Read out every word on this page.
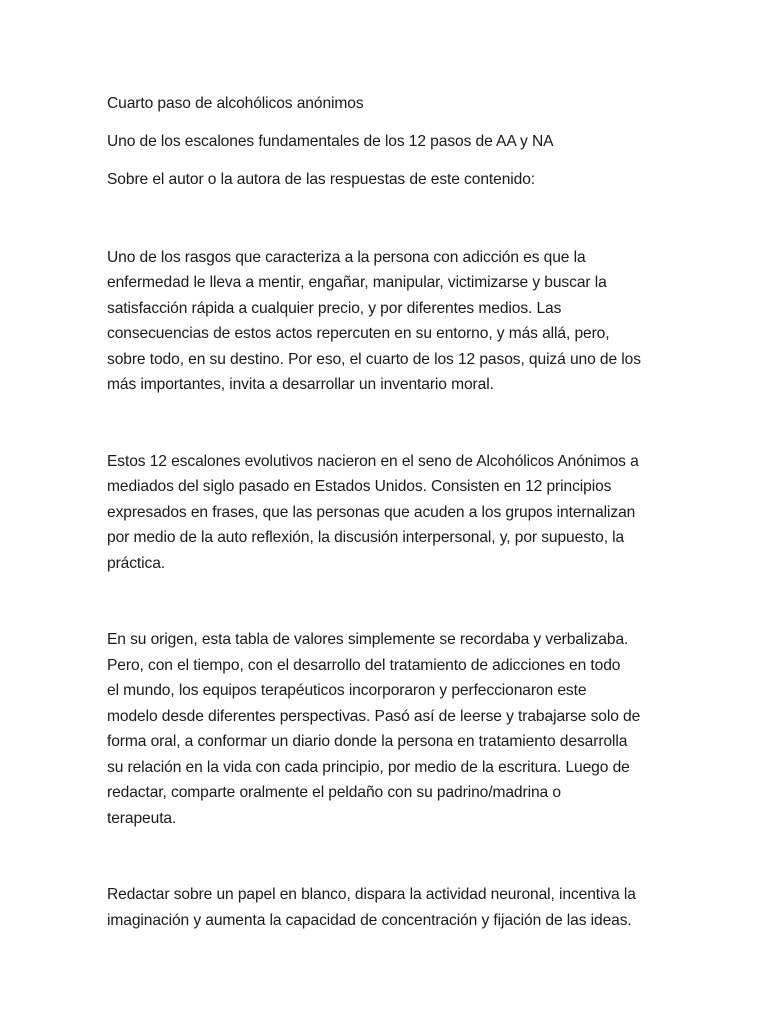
Cuarto paso de alcohólicos anónimos
Uno de los escalones fundamentales de los 12 pasos de AA y NA
Sobre el autor o la autora de las respuestas de este contenido:
Uno de los rasgos que caracteriza a la persona con adicción es que la
enfermedad le lleva a mentir, engañar, manipular, victimizarse y buscar la
satisfacción rápida a cualquier precio, y por diferentes medios. Las
consecuencias de estos actos repercuten en su entorno, y más allá, pero,
sobre todo, en su destino. Por eso, el cuarto de los 12 pasos, quizá uno de los
más importantes, invita a desarrollar un inventario moral.
Estos 12 escalones evolutivos nacieron en el seno de Alcohólicos Anónimos a
mediados del siglo pasado en Estados Unidos. Consisten en 12 principios
expresados en frases, que las personas que acuden a los grupos internalizan
por medio de la auto reflexión, la discusión interpersonal, y, por supuesto, la
práctica.
En su origen, esta tabla de valores simplemente se recordaba y verbalizaba.
Pero, con el tiempo, con el desarrollo del tratamiento de adicciones en todo
el mundo, los equipos terapéuticos incorporaron y perfeccionaron este
modelo desde diferentes perspectivas. Pasó así de leerse y trabajarse solo de
forma oral, a conformar un diario donde la persona en tratamiento desarrolla
su relación en la vida con cada principio, por medio de la escritura. Luego de
redactar, comparte oralmente el peldaño con su padrino/madrina o
terapeuta.
Redactar sobre un papel en blanco, dispara la actividad neuronal, incentiva la
imaginación y aumenta la capacidad de concentración y fijación de las ideas.
